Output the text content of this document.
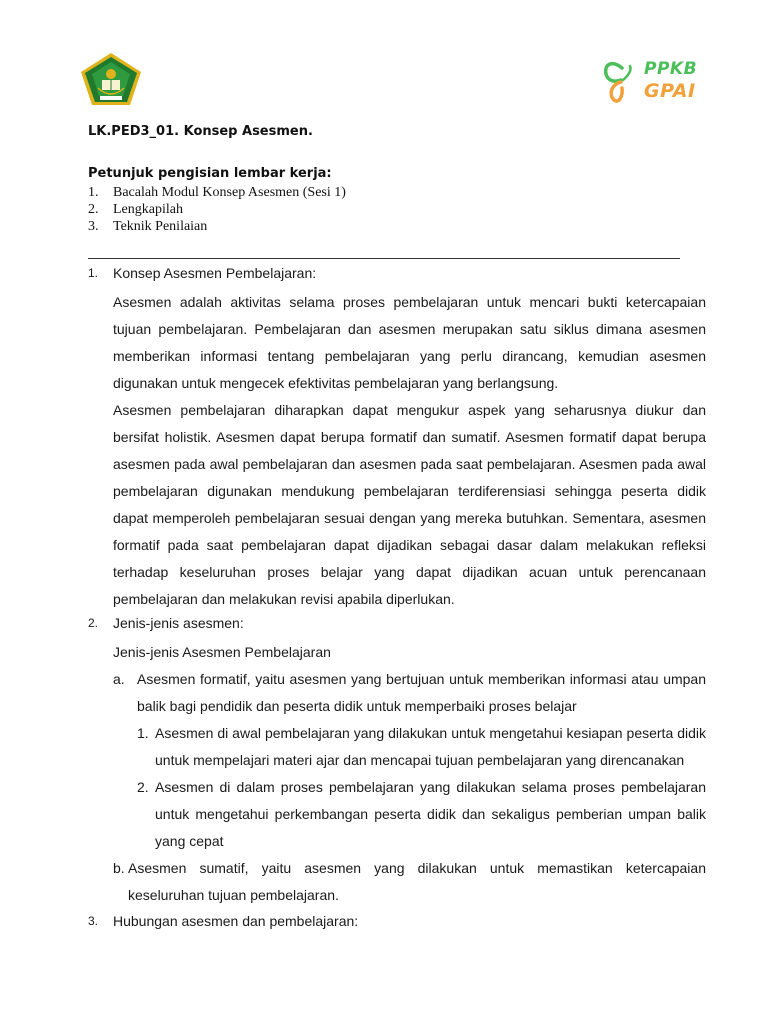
PPKB
GPAI
LK.PED3_01. Konsep Asesmen.
Petunjuk pengisian lembar kerja:
1.	Bacalah Modul Konsep Asesmen (Sesi 1)
2.	Lengkapilah
3.	Teknik Penilaian
1.	Konsep Asesmen Pembelajaran:
Asesmen adalah aktivitas selama proses pembelajaran untuk mencari bukti ketercapaian tujuan pembelajaran. Pembelajaran dan asesmen merupakan satu siklus dimana asesmen memberikan informasi tentang pembelajaran yang perlu dirancang, kemudian asesmen digunakan untuk mengecek efektivitas pembelajaran yang berlangsung.
Asesmen pembelajaran diharapkan dapat mengukur aspek yang seharusnya diukur dan bersifat holistik. Asesmen dapat berupa formatif dan sumatif. Asesmen formatif dapat berupa asesmen pada awal pembelajaran dan asesmen pada saat pembelajaran. Asesmen pada awal pembelajaran digunakan mendukung pembelajaran terdiferensiasi sehingga peserta didik dapat memperoleh pembelajaran sesuai dengan yang mereka butuhkan. Sementara, asesmen formatif pada saat pembelajaran dapat dijadikan sebagai dasar dalam melakukan refleksi terhadap keseluruhan proses belajar yang dapat dijadikan acuan untuk perencanaan pembelajaran dan melakukan revisi apabila diperlukan.
2.	Jenis-jenis asesmen:
Jenis-jenis Asesmen Pembelajaran
a. Asesmen formatif, yaitu asesmen yang bertujuan untuk memberikan informasi atau umpan balik bagi pendidik dan peserta didik untuk memperbaiki proses belajar
1. Asesmen di awal pembelajaran yang dilakukan untuk mengetahui kesiapan peserta didik untuk mempelajari materi ajar dan mencapai tujuan pembelajaran yang direncanakan
2. Asesmen di dalam proses pembelajaran yang dilakukan selama proses pembelajaran untuk mengetahui perkembangan peserta didik dan sekaligus pemberian umpan balik yang cepat
b. Asesmen sumatif, yaitu asesmen yang dilakukan untuk memastikan ketercapaian keseluruhan tujuan pembelajaran.
3.	Hubungan asesmen dan pembelajaran:
